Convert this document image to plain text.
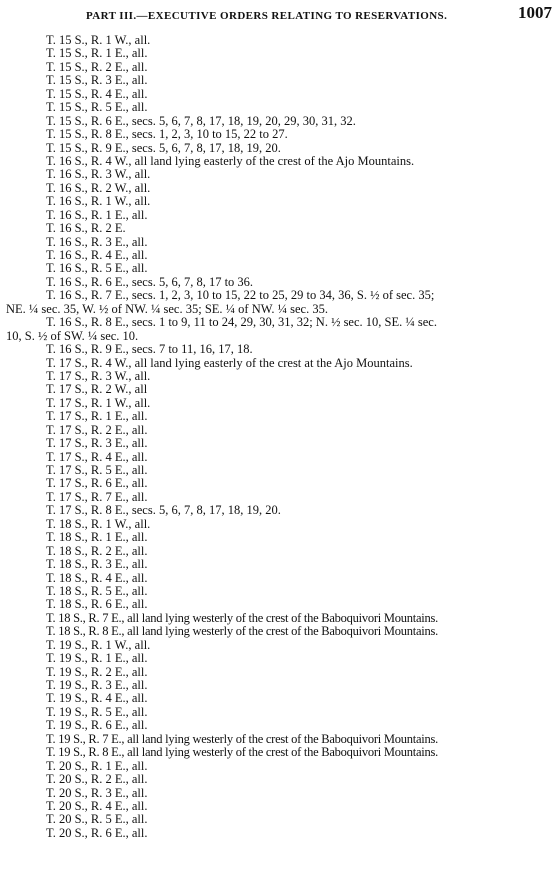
PART III.—EXECUTIVE ORDERS RELATING TO RESERVATIONS.	1007
T. 15 S., R. 1 W., all.
T. 15 S., R. 1 E., all.
T. 15 S., R. 2 E., all.
T. 15 S., R. 3 E., all.
T. 15 S., R. 4 E., all.
T. 15 S., R. 5 E., all.
T. 15 S., R. 6 E., secs. 5, 6, 7, 8, 17, 18, 19, 20, 29, 30, 31, 32.
T. 15 S., R. 8 E., secs. 1, 2, 3, 10 to 15, 22 to 27.
T. 15 S., R. 9 E., secs. 5, 6, 7, 8, 17, 18, 19, 20.
T. 16 S., R. 4 W., all land lying easterly of the crest of the Ajo Mountains.
T. 16 S., R. 3 W., all.
T. 16 S., R. 2 W., all.
T. 16 S., R. 1 W., all.
T. 16 S., R. 1 E., all.
T. 16 S., R. 2 E.
T. 16 S., R. 3 E., all.
T. 16 S., R. 4 E., all.
T. 16 S., R. 5 E., all.
T. 16 S., R. 6 E., secs. 5, 6, 7, 8, 17 to 36.
T. 16 S., R. 7 E., secs. 1, 2, 3, 10 to 15, 22 to 25, 29 to 34, 36, S. ½ of sec. 35;
NE. ¼ sec. 35, W. ½ of NW. ¼ sec. 35; SE. ¼ of NW. ¼ sec. 35.
T. 16 S., R. 8 E., secs. 1 to 9, 11 to 24, 29, 30, 31, 32; N. ½ sec. 10, SE. ¼ sec.
10, S. ½ of SW. ¼ sec. 10.
T. 16 S., R. 9 E., secs. 7 to 11, 16, 17, 18.
T. 17 S., R. 4 W., all land lying easterly of the crest at the Ajo Mountains.
T. 17 S., R. 3 W., all.
T. 17 S., R. 2 W., all
T. 17 S., R. 1 W., all.
T. 17 S., R. 1 E., all.
T. 17 S., R. 2 E., all.
T. 17 S., R. 3 E., all.
T. 17 S., R. 4 E., all.
T. 17 S., R. 5 E., all.
T. 17 S., R. 6 E., all.
T. 17 S., R. 7 E., all.
T. 17 S., R. 8 E., secs. 5, 6, 7, 8, 17, 18, 19, 20.
T. 18 S., R. 1 W., all.
T. 18 S., R. 1 E., all.
T. 18 S., R. 2 E., all.
T. 18 S., R. 3 E., all.
T. 18 S., R. 4 E., all.
T. 18 S., R. 5 E., all.
T. 18 S., R. 6 E., all.
T. 18 S., R. 7 E., all land lying westerly of the crest of the Baboquivori Mountains.
T. 18 S., R. 8 E., all land lying westerly of the crest of the Baboquivori Mountains.
T. 19 S., R. 1 W., all.
T. 19 S., R. 1 E., all.
T. 19 S., R. 2 E., all.
T. 19 S., R. 3 E., all.
T. 19 S., R. 4 E., all.
T. 19 S., R. 5 E., all.
T. 19 S., R. 6 E., all.
T. 19 S., R. 7 E., all land lying westerly of the crest of the Baboquivori Mountains.
T. 19 S., R. 8 E., all land lying westerly of the crest of the Baboquivori Mountains.
T. 20 S., R. 1 E., all.
T. 20 S., R. 2 E., all.
T. 20 S., R. 3 E., all.
T. 20 S., R. 4 E., all.
T. 20 S., R. 5 E., all.
T. 20 S., R. 6 E., all.
